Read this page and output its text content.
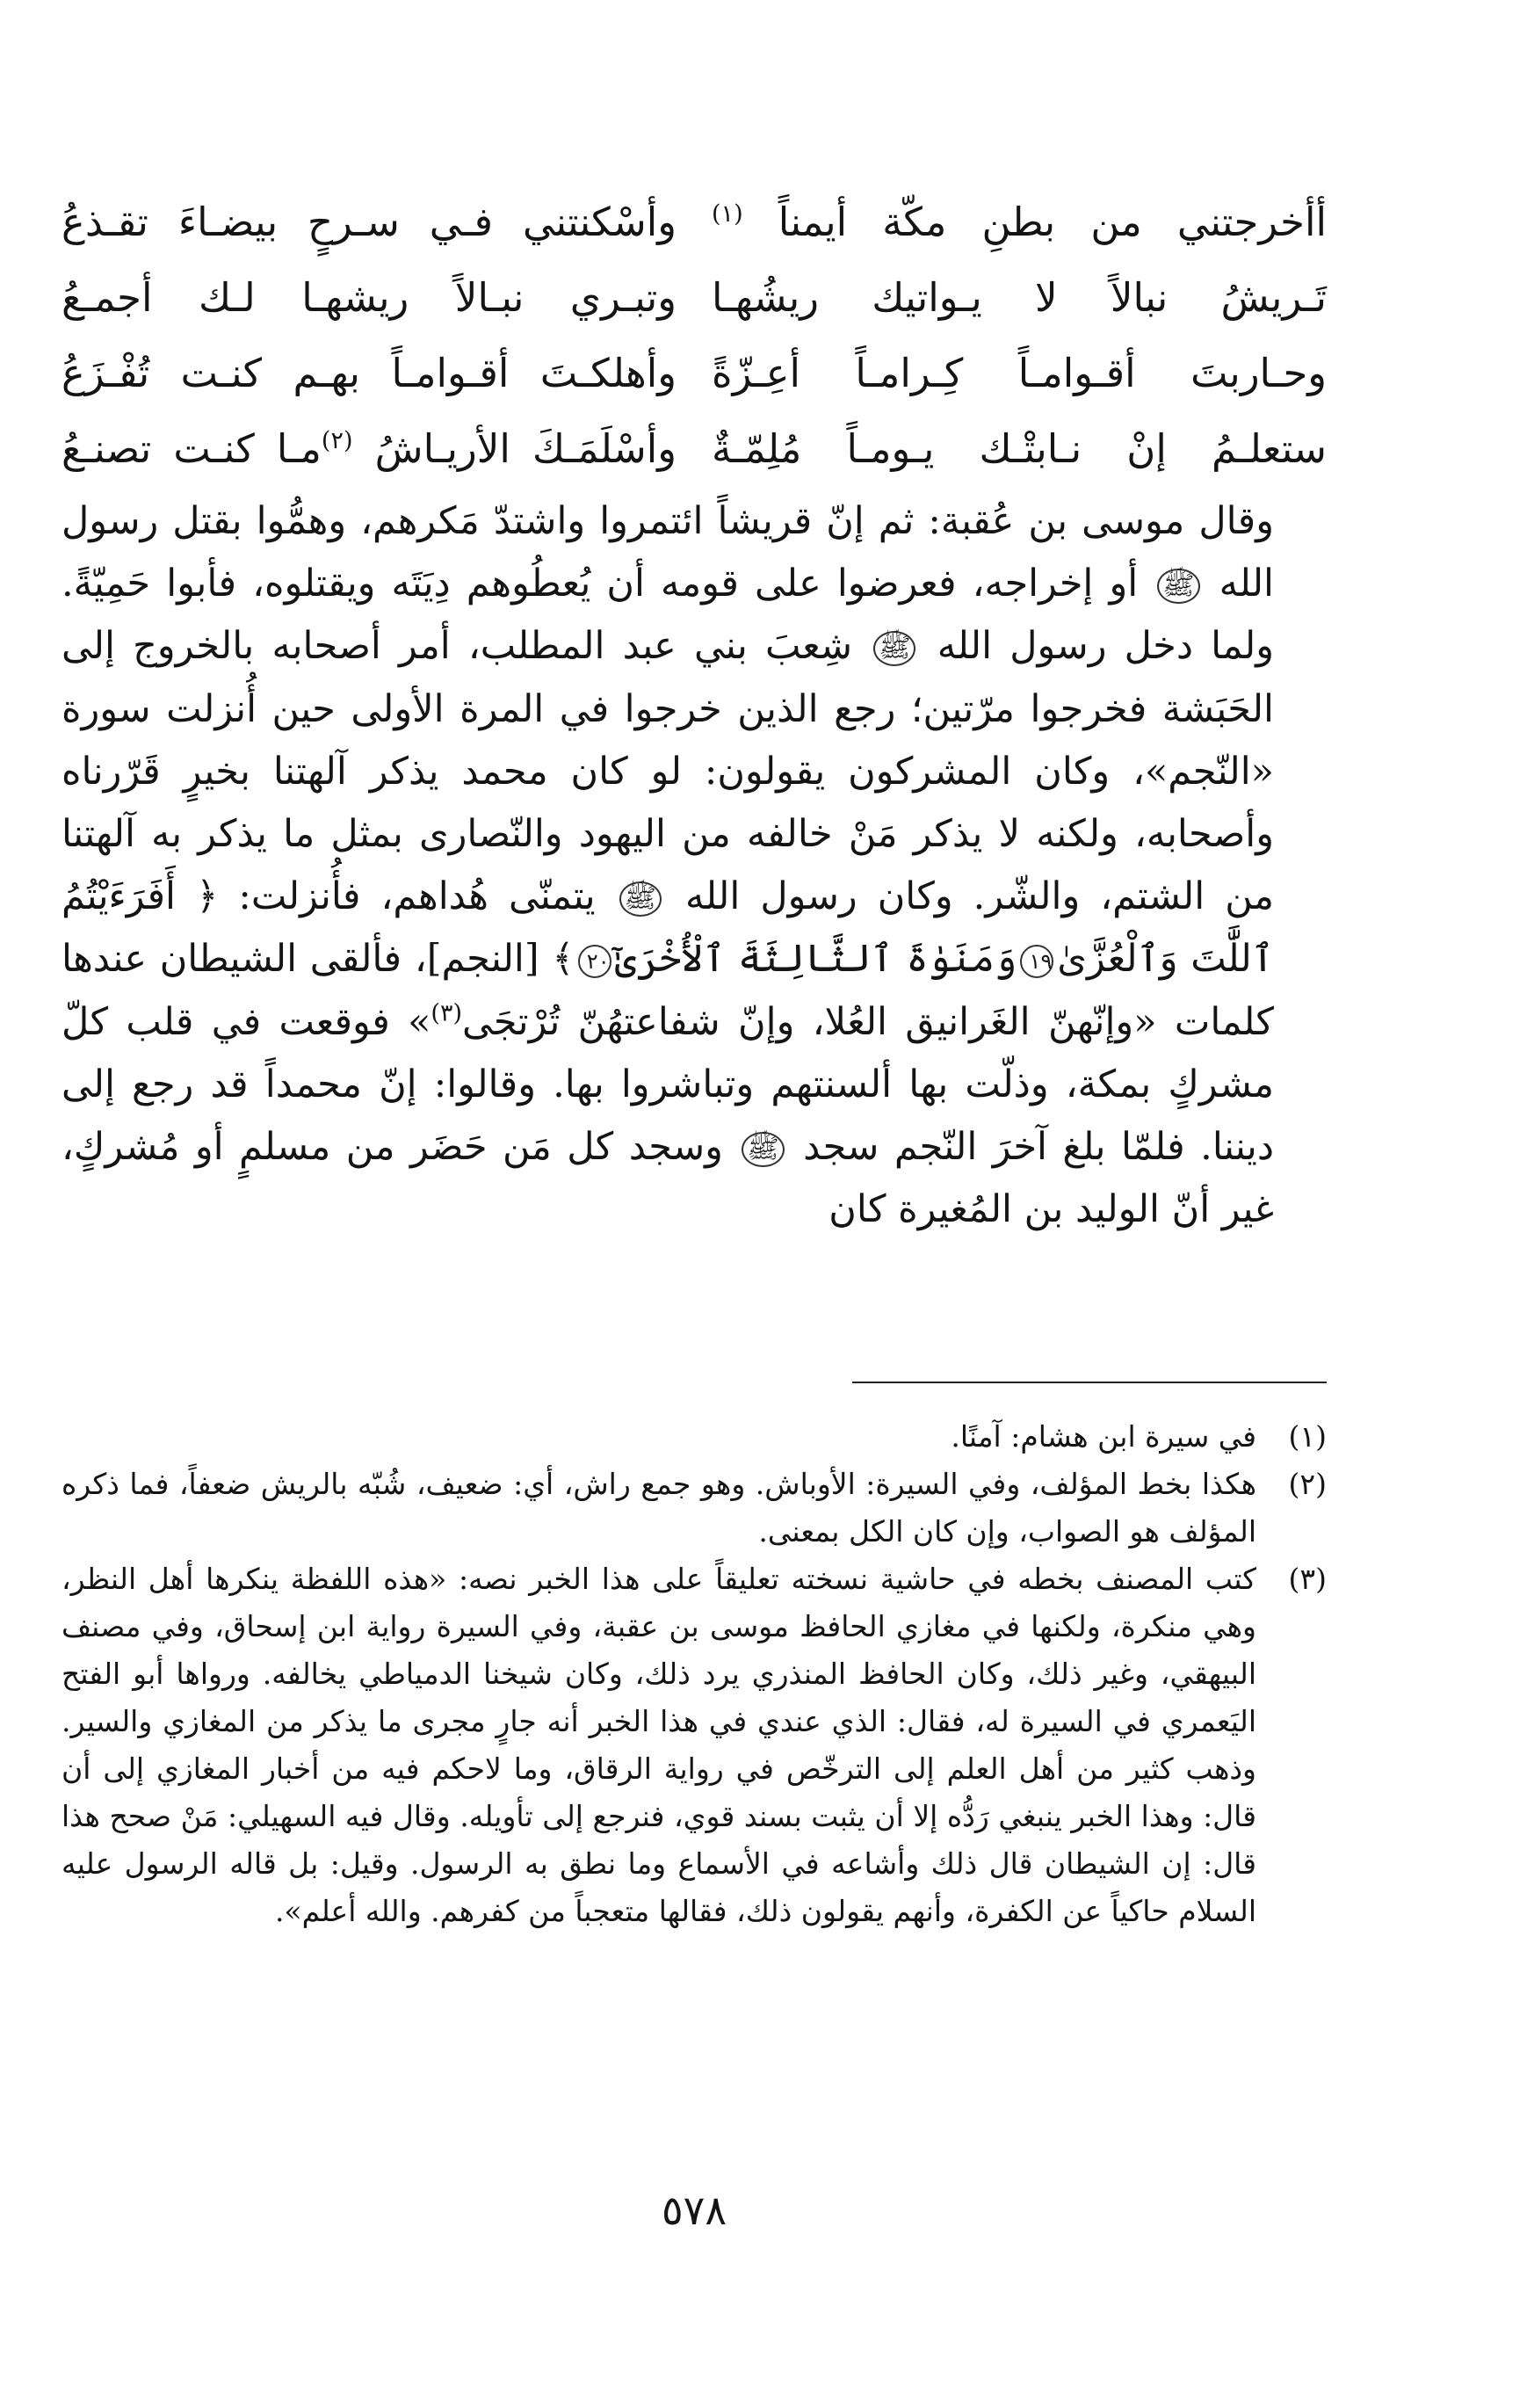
أأخرجتني من بطنِ مكّة أيمناً $^{(١)}$
وأسْكنتني فـي سـرحٍ بيضـاءَ تقـذعُ
تَـريشُ نبالاً لا يـواتيك ريشُهـا
وتبـري نبـالاً ريشهـا لـك أجمـعُ
وحـاربتَ أقـوامـاً كِـرامـاً أعِـزّةً
وأهلكـتَ أقـوامـاً بهـم كنـت تُفْـزَعُ
ستعلـمُ إنْ نـابتْـك يـومـاً مُلِمّـةٌ
وأسْلَمَـكَ الأريـاشُ $^{(٢)}$مـا كنـت تصنـعُ

وقال موسى بن عُقبة: ثم إنّ قريشاً ائتمروا واشتدّ مَكرهم، وهمُّوا بقتل رسول الله ﷺ أو إخراجه، فعرضوا على قومه أن يُعطُوهم دِيَتَه ويقتلوه، فأبوا حَمِيّةً. ولما دخل رسول الله ﷺ شِعبَ بني عبد المطلب، أمر أصحابه بالخروج إلى الحَبَشة فخرجوا مرّتين؛ رجع الذين خرجوا في المرة الأولى حين أُنزلت سورة «النّجم»، وكان المشركون يقولون: لو كان محمد يذكر آلهتنا بخيرٍ قَرّرناه وأصحابه، ولكنه لا يذكر مَنْ خالفه من اليهود والنّصارى بمثل ما يذكر به آلهتنا من الشتم، والشّر. وكان رسول الله ﷺ يتمنّى هُداهم، فأُنزلت: ﴿ أَفَرَءَيْتُمُ ٱللَّٰتَ وَٱلْعُزَّىٰ١٩وَمَنَوٰةَ ٱلثَّالِثَةَ ٱلْأُخْرَىٰٓ٢٠﴾ [النجم]، فألقى الشيطان عندها كلمات «وإنّهنّ الغَرانيق العُلا، وإنّ شفاعتهُنّ تُرْتجَى$^{(٣)}$» فوقعت في قلب كلّ مشركٍ بمكة، وذلّت بها ألسنتهم وتباشروا بها. وقالوا: إنّ محمداً قد رجع إلى ديننا. فلمّا بلغ آخرَ النّجم سجد ﷺ وسجد كل مَن حَضَر من مسلمٍ أو مُشركٍ، غير أنّ الوليد بن المُغيرة كان

(١)
في سيرة ابن هشام: آمنًا.
(٢)
هكذا بخط المؤلف، وفي السيرة: الأوباش. وهو جمع راش، أي: ضعيف، شُبّه بالريش ضعفاً، فما ذكره المؤلف هو الصواب، وإن كان الكل بمعنى.
(٣)
كتب المصنف بخطه في حاشية نسخته تعليقاً على هذا الخبر نصه: «هذه اللفظة ينكرها أهل النظر، وهي منكرة، ولكنها في مغازي الحافظ موسى بن عقبة، وفي السيرة رواية ابن إسحاق، وفي مصنف البيهقي، وغير ذلك، وكان الحافظ المنذري يرد ذلك، وكان شيخنا الدمياطي يخالفه. ورواها أبو الفتح اليَعمري في السيرة له، فقال: الذي عندي في هذا الخبر أنه جارٍ مجرى ما يذكر من المغازي والسير. وذهب كثير من أهل العلم إلى الترخّص في رواية الرقاق، وما لاحكم فيه من أخبار المغازي إلى أن قال: وهذا الخبر ينبغي رَدُّه إلا أن يثبت بسند قوي، فنرجع إلى تأويله. وقال فيه السهيلي: مَنْ صحح هذا قال: إن الشيطان قال ذلك وأشاعه في الأسماع وما نطق به الرسول. وقيل: بل قاله الرسول عليه السلام حاكياً عن الكفرة، وأنهم يقولون ذلك، فقالها متعجباً من كفرهم. والله أعلم».
٥٧٨
